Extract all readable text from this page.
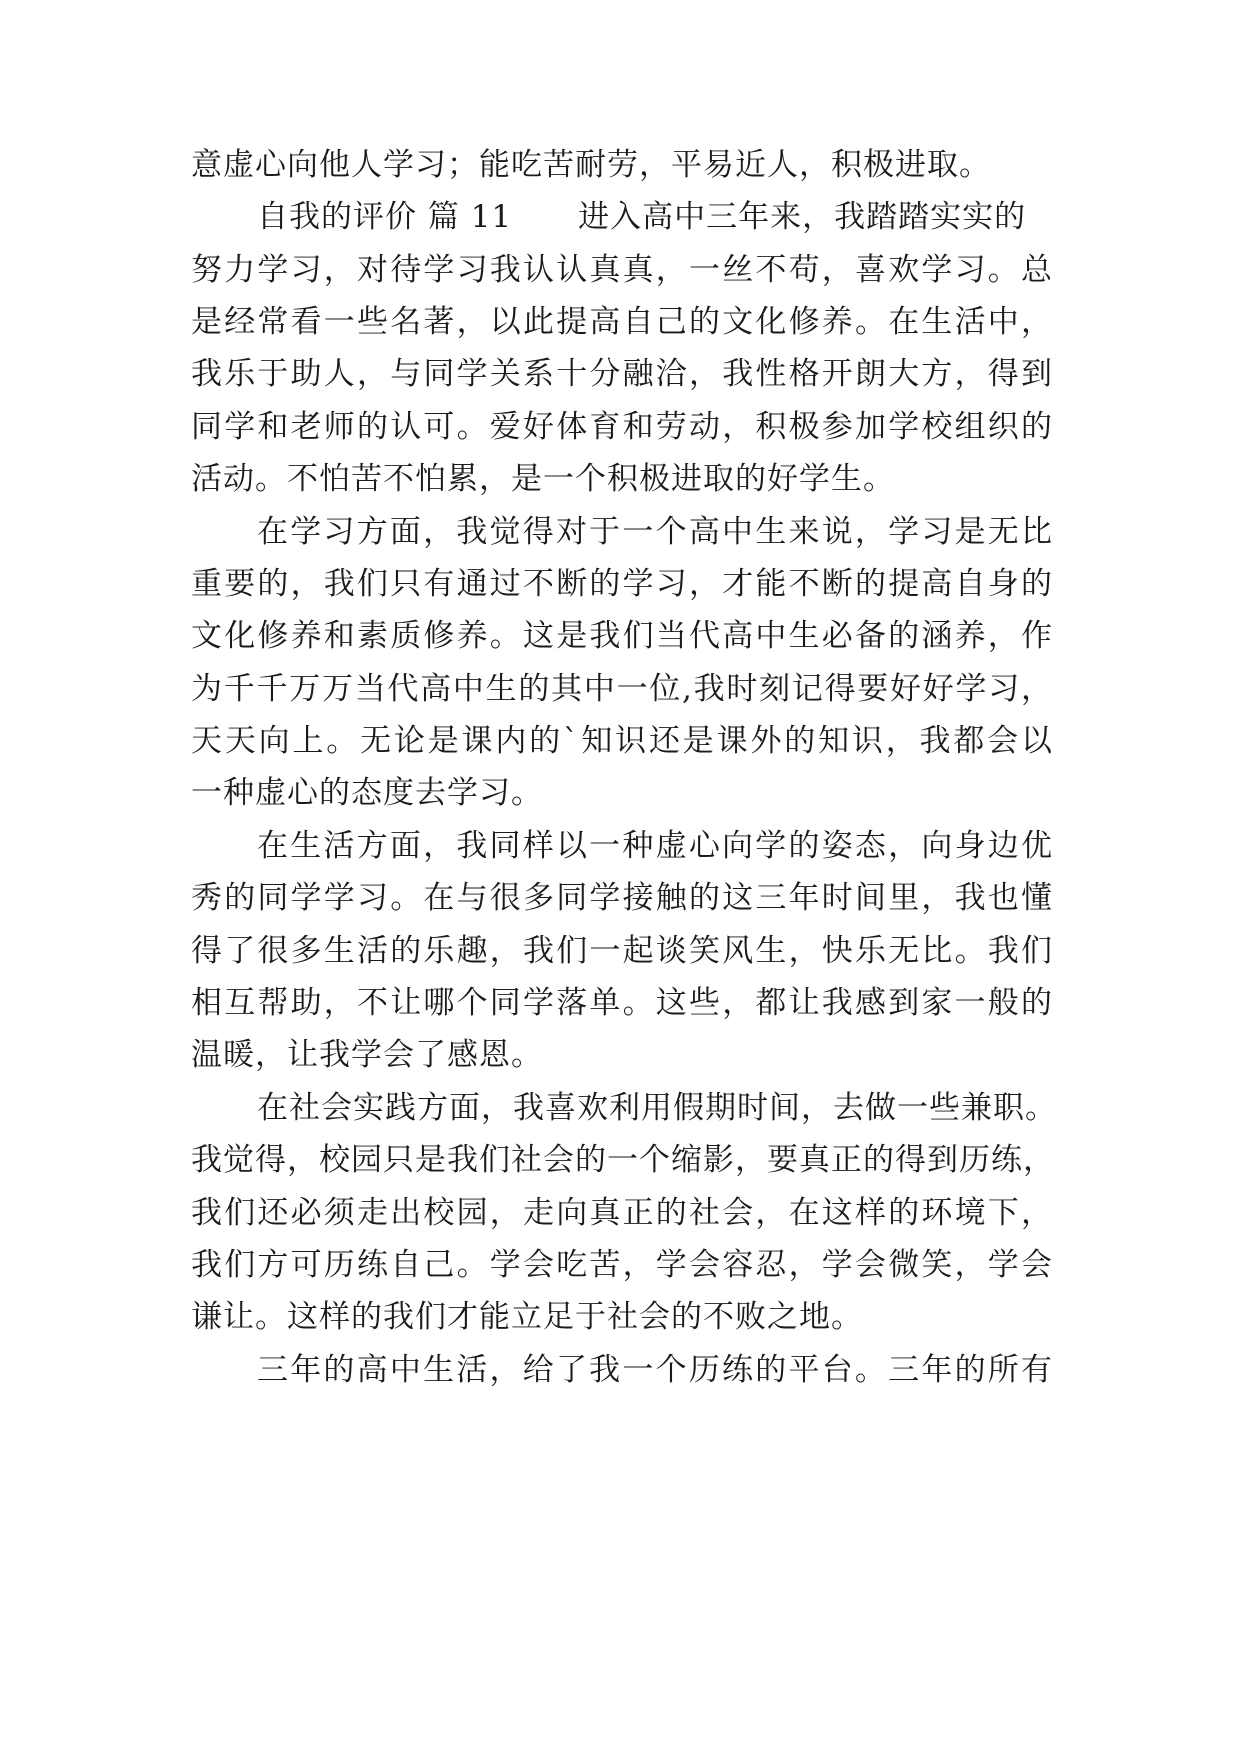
意虚心向他人学习；能吃苦耐劳，平易近人，积极进取。
自我的评价 篇 11 进入高中三年来，我踏踏实实的
努力学习，对待学习我认认真真，一丝不苟，喜欢学习。总
是经常看一些名著，以此提高自己的文化修养。在生活中，
我乐于助人，与同学关系十分融洽，我性格开朗大方，得到
同学和老师的认可。爱好体育和劳动，积极参加学校组织的
活动。不怕苦不怕累，是一个积极进取的好学生。
在学习方面，我觉得对于一个高中生来说，学习是无比
重要的，我们只有通过不断的学习，才能不断的提高自身的
文化修养和素质修养。这是我们当代高中生必备的涵养，作
为千千万万当代高中生的其中一位,我时刻记得要好好学习，
天天向上。无论是课内的`知识还是课外的知识，我都会以
一种虚心的态度去学习。
在生活方面，我同样以一种虚心向学的姿态，向身边优
秀的同学学习。在与很多同学接触的这三年时间里，我也懂
得了很多生活的乐趣，我们一起谈笑风生，快乐无比。我们
相互帮助，不让哪个同学落单。这些，都让我感到家一般的
温暖，让我学会了感恩。
在社会实践方面，我喜欢利用假期时间，去做一些兼职。
我觉得，校园只是我们社会的一个缩影，要真正的得到历练，
我们还必须走出校园，走向真正的社会，在这样的环境下，
我们方可历练自己。学会吃苦，学会容忍，学会微笑，学会
谦让。这样的我们才能立足于社会的不败之地。
三年的高中生活，给了我一个历练的平台。三年的所有
